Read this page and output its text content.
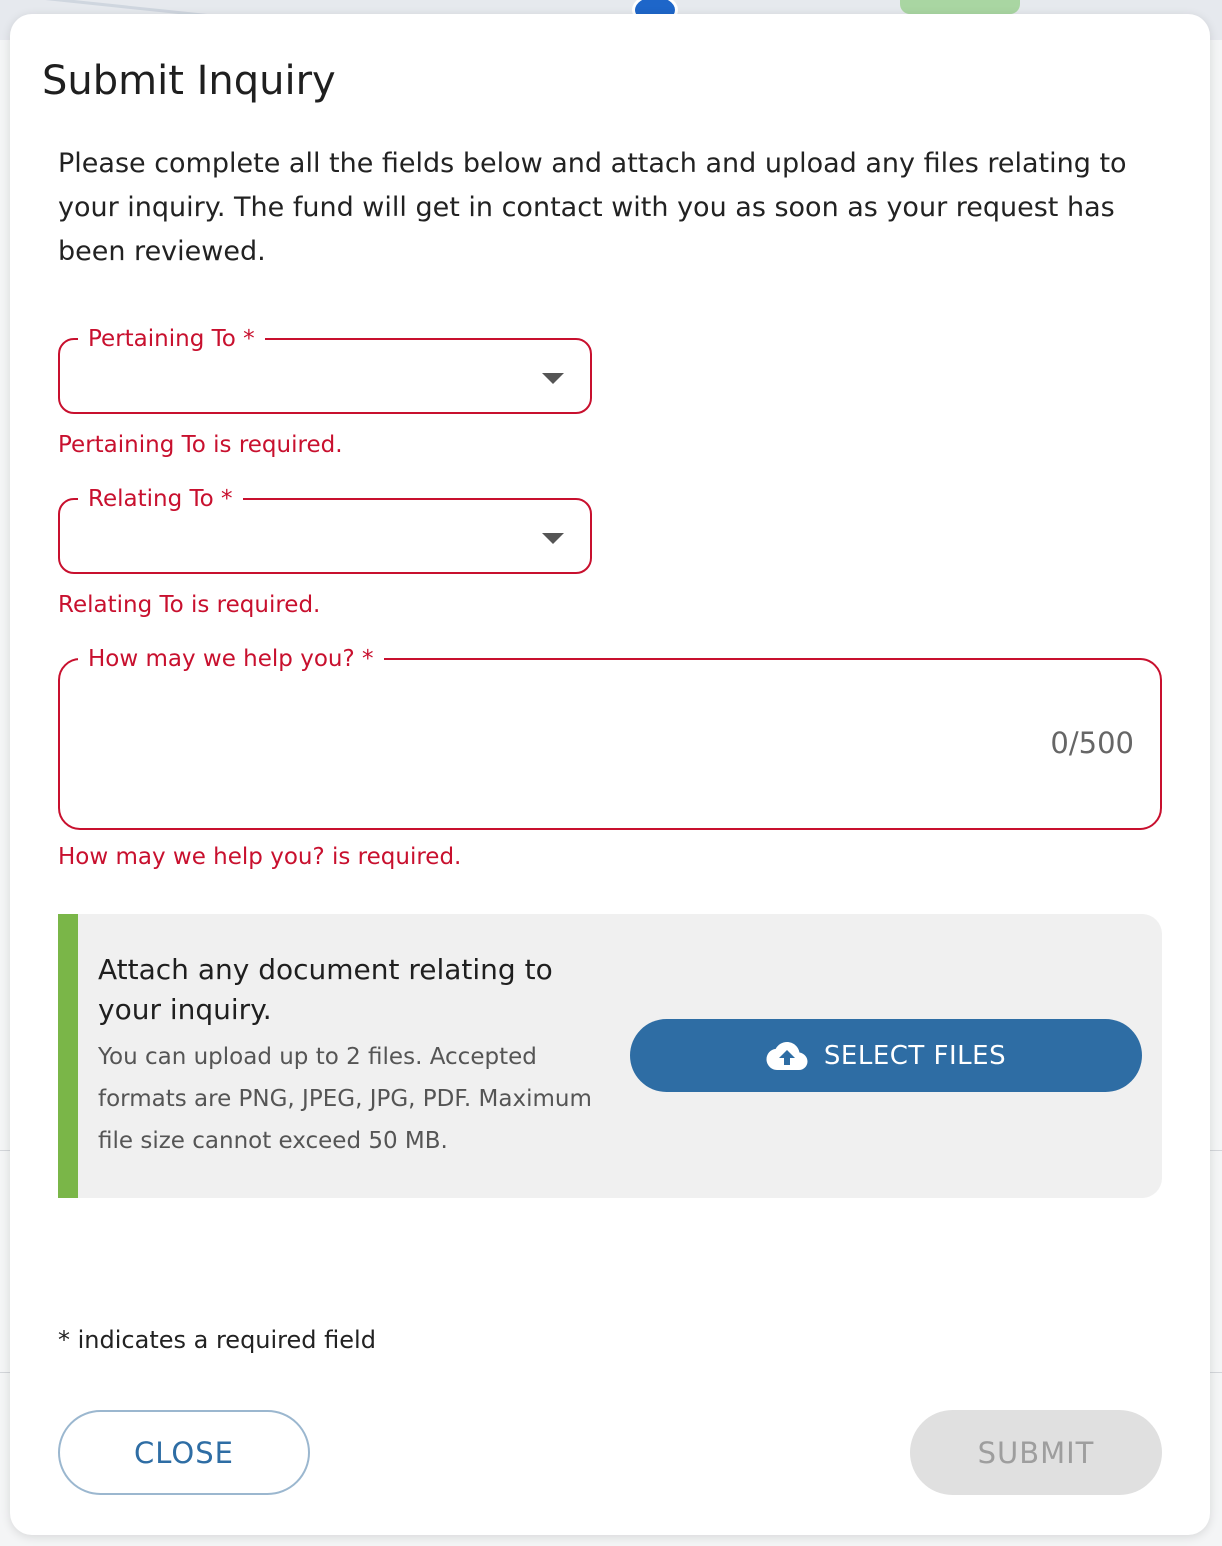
Submit Inquiry

Please complete all the fields below and attach and upload any files relating to your inquiry. The fund will get in contact with you as soon as your request has been reviewed.

Pertaining To *

Pertaining To is required.

Relating To *

Relating To is required.

How may we help you? *
0/500

How may we help you? is required.

Attach any document relating to your inquiry.

You can upload up to 2 files. Accepted formats are PNG, JPEG, JPG, PDF. Maximum file size cannot exceed 50 MB.

SELECT FILES

* indicates a required field

CLOSE	SUBMIT
